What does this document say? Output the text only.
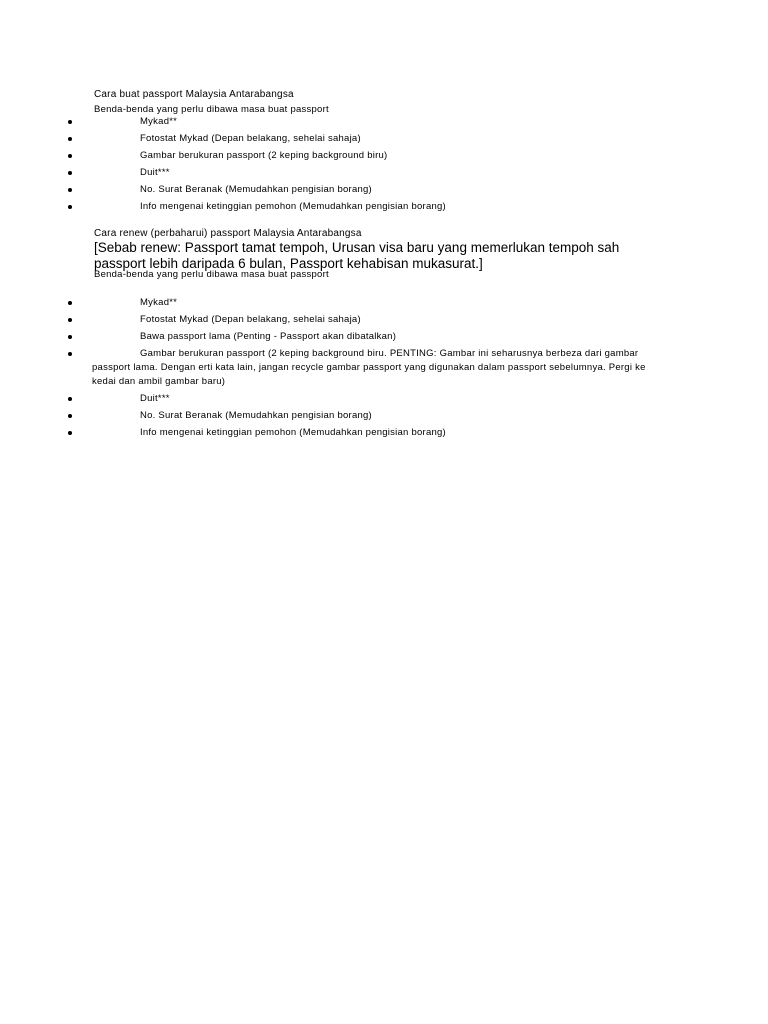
Cara buat passport Malaysia Antarabangsa
Benda-benda yang perlu dibawa masa buat passport
Mykad**
Fotostat Mykad (Depan belakang, sehelai sahaja)
Gambar berukuran passport (2 keping background biru)
Duit***
No. Surat Beranak (Memudahkan pengisian borang)
Info mengenai ketinggian pemohon (Memudahkan pengisian borang)
Cara renew (perbaharui) passport Malaysia Antarabangsa
[Sebab renew: Passport tamat tempoh, Urusan visa baru yang memerlukan tempoh sah passport lebih daripada 6 bulan, Passport kehabisan mukasurat.]
Benda-benda yang perlu dibawa masa buat passport
Mykad**
Fotostat Mykad (Depan belakang, sehelai sahaja)
Bawa passport lama (Penting - Passport akan dibatalkan)
Gambar berukuran passport (2 keping background biru. PENTING: Gambar ini seharusnya berbeza dari gambar passport lama. Dengan erti kata lain, jangan recycle gambar passport yang digunakan dalam passport sebelumnya. Pergi ke kedai dan ambil gambar baru)
Duit***
No. Surat Beranak (Memudahkan pengisian borang)
Info mengenai ketinggian pemohon (Memudahkan pengisian borang)
